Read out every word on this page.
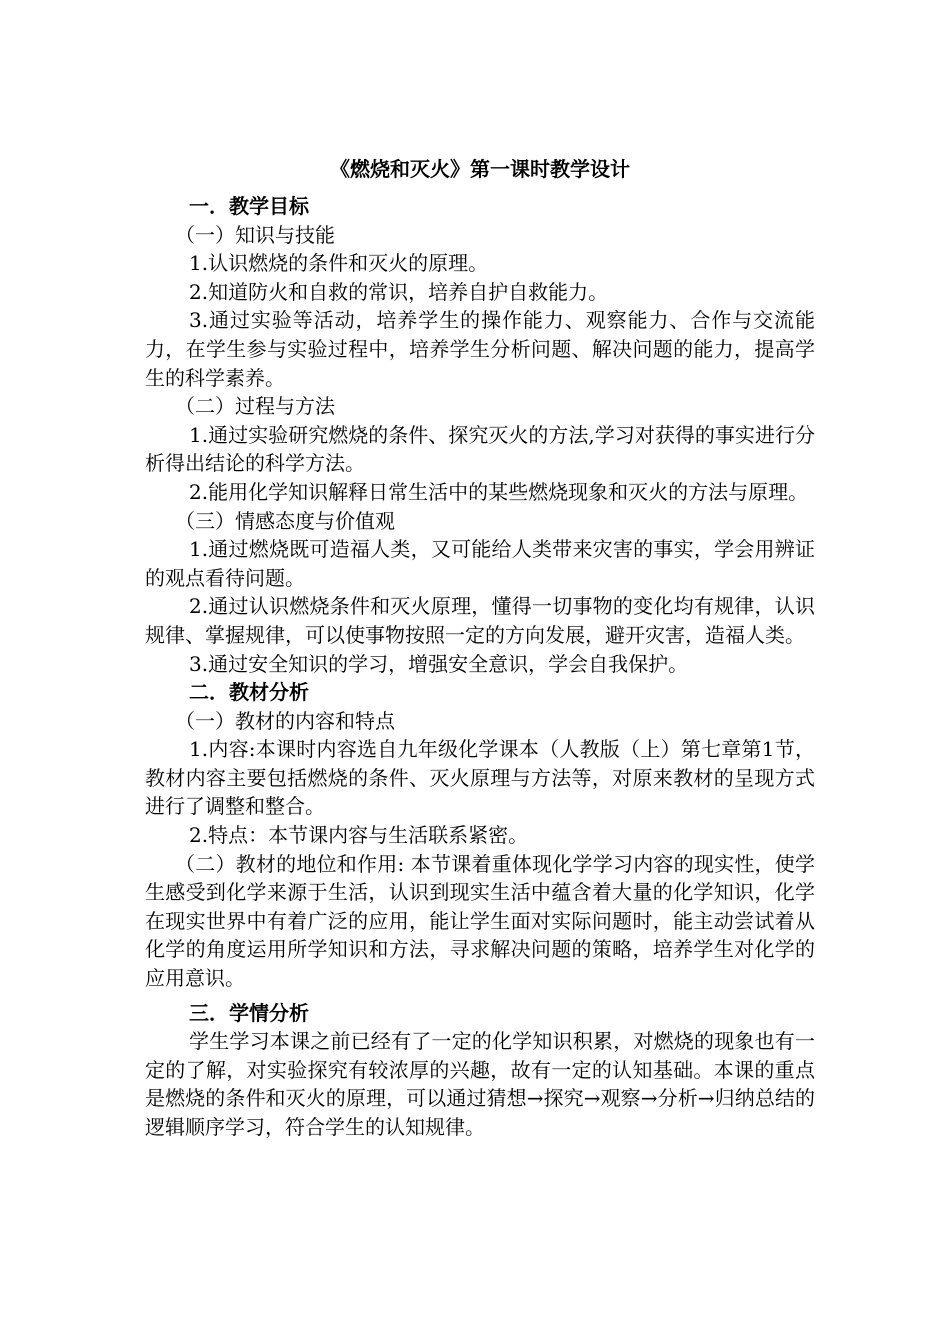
《燃烧和灭火》第一课时教学设计

一．教学目标

（一）知识与技能

1.认识燃烧的条件和灭火的原理。

2.知道防火和自救的常识，培养自护自救能力。

3.通过实验等活动，培养学生的操作能力、观察能力、合作与交流能力，在学生参与实验过程中，培养学生分析问题、解决问题的能力，提高学生的科学素养。

（二）过程与方法

1.通过实验研究燃烧的条件、探究灭火的方法,学习对获得的事实进行分析得出结论的科学方法。

2.能用化学知识解释日常生活中的某些燃烧现象和灭火的方法与原理。

（三）情感态度与价值观

1.通过燃烧既可造福人类，又可能给人类带来灾害的事实，学会用辨证的观点看待问题。

2.通过认识燃烧条件和灭火原理，懂得一切事物的变化均有规律，认识规律、掌握规律，可以使事物按照一定的方向发展，避开灾害，造福人类。

3.通过安全知识的学习，增强安全意识，学会自我保护。

二．教材分析

（一）教材的内容和特点

1.内容:本课时内容选自九年级化学课本（人教版（上）第七章第1节，教材内容主要包括燃烧的条件、灭火原理与方法等，对原来教材的呈现方式进行了调整和整合。

2.特点：本节课内容与生活联系紧密。

（二）教材的地位和作用: 本节课着重体现化学学习内容的现实性，使学生感受到化学来源于生活，认识到现实生活中蕴含着大量的化学知识，化学在现实世界中有着广泛的应用，能让学生面对实际问题时，能主动尝试着从化学的角度运用所学知识和方法，寻求解决问题的策略，培养学生对化学的应用意识。

三．学情分析

学生学习本课之前已经有了一定的化学知识积累，对燃烧的现象也有一定的了解，对实验探究有较浓厚的兴趣，故有一定的认知基础。本课的重点是燃烧的条件和灭火的原理，可以通过猜想→探究→观察→分析→归纳总结的逻辑顺序学习，符合学生的认知规律。
